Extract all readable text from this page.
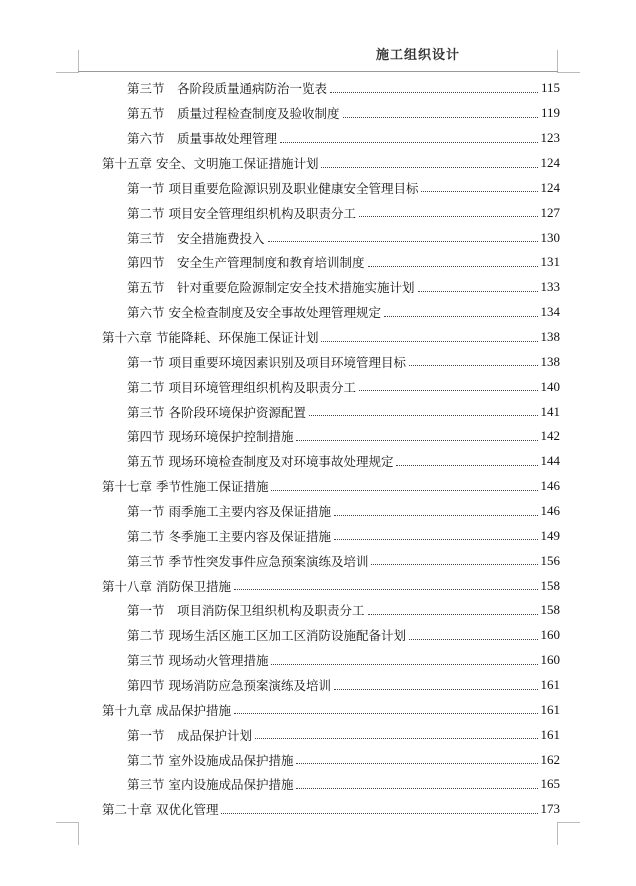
施工组织设计
第三节　各阶段质量通病防治一览表	115
第五节　质量过程检查制度及验收制度	119
第六节　质量事故处理管理	123
第十五章 安全、文明施工保证措施计划	124
第一节 项目重要危险源识别及职业健康安全管理目标	124
第二节 项目安全管理组织机构及职责分工	127
第三节　安全措施费投入	130
第四节　安全生产管理制度和教育培训制度	131
第五节　针对重要危险源制定安全技术措施实施计划	133
第六节 安全检查制度及安全事故处理管理规定	134
第十六章 节能降耗、环保施工保证计划	138
第一节 项目重要环境因素识别及项目环境管理目标	138
第二节 项目环境管理组织机构及职责分工	140
第三节 各阶段环境保护资源配置	141
第四节 现场环境保护控制措施	142
第五节 现场环境检查制度及对环境事故处理规定	144
第十七章 季节性施工保证措施	146
第一节 雨季施工主要内容及保证措施	146
第二节 冬季施工主要内容及保证措施	149
第三节 季节性突发事件应急预案演练及培训	156
第十八章 消防保卫措施	158
第一节　项目消防保卫组织机构及职责分工	158
第二节 现场生活区施工区加工区消防设施配备计划	160
第三节 现场动火管理措施	160
第四节 现场消防应急预案演练及培训	161
第十九章 成品保护措施	161
第一节　成品保护计划	161
第二节 室外设施成品保护措施	162
第三节 室内设施成品保护措施	165
第二十章 双优化管理	173
